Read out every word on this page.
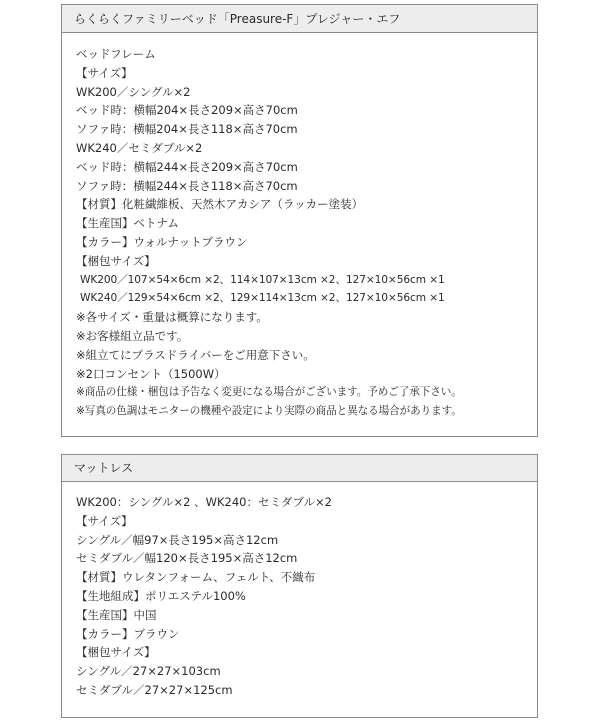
らくらくファミリーベッド「Preasure-F」プレジャー・エフ
ベッドフレーム
【サイズ】
WK200／シングル×2
ベッド時：横幅204×長さ209×高さ70cm
ソファ時：横幅204×長さ118×高さ70cm
WK240／セミダブル×2
ベッド時：横幅244×長さ209×高さ70cm
ソファ時：横幅244×長さ118×高さ70cm
【材質】化粧繊維板、天然木アカシア（ラッカー塗装）
【生産国】ベトナム
【カラー】ウォルナットブラウン
【梱包サイズ】
WK200／107×54×6cm ×2、114×107×13cm ×2、127×10×56cm ×1
WK240／129×54×6cm ×2、129×114×13cm ×2、127×10×56cm ×1
※各サイズ・重量は概算になります。
※お客様組立品です。
※組立てにプラスドライバーをご用意下さい。
※2口コンセント（1500W）
※商品の仕様・梱包は予告なく変更になる場合がございます。予めご了承下さい。
※写真の色調はモニターの機種や設定により実際の商品と異なる場合があります。
マットレス
WK200：シングル×2 、WK240：セミダブル×2
【サイズ】
シングル／幅97×長さ195×高さ12cm
セミダブル／幅120×長さ195×高さ12cm
【材質】ウレタンフォーム、フェルト、不織布
【生地組成】ポリエステル100%
【生産国】中国
【カラー】ブラウン
【梱包サイズ】
シングル／27×27×103cm
セミダブル／27×27×125cm
